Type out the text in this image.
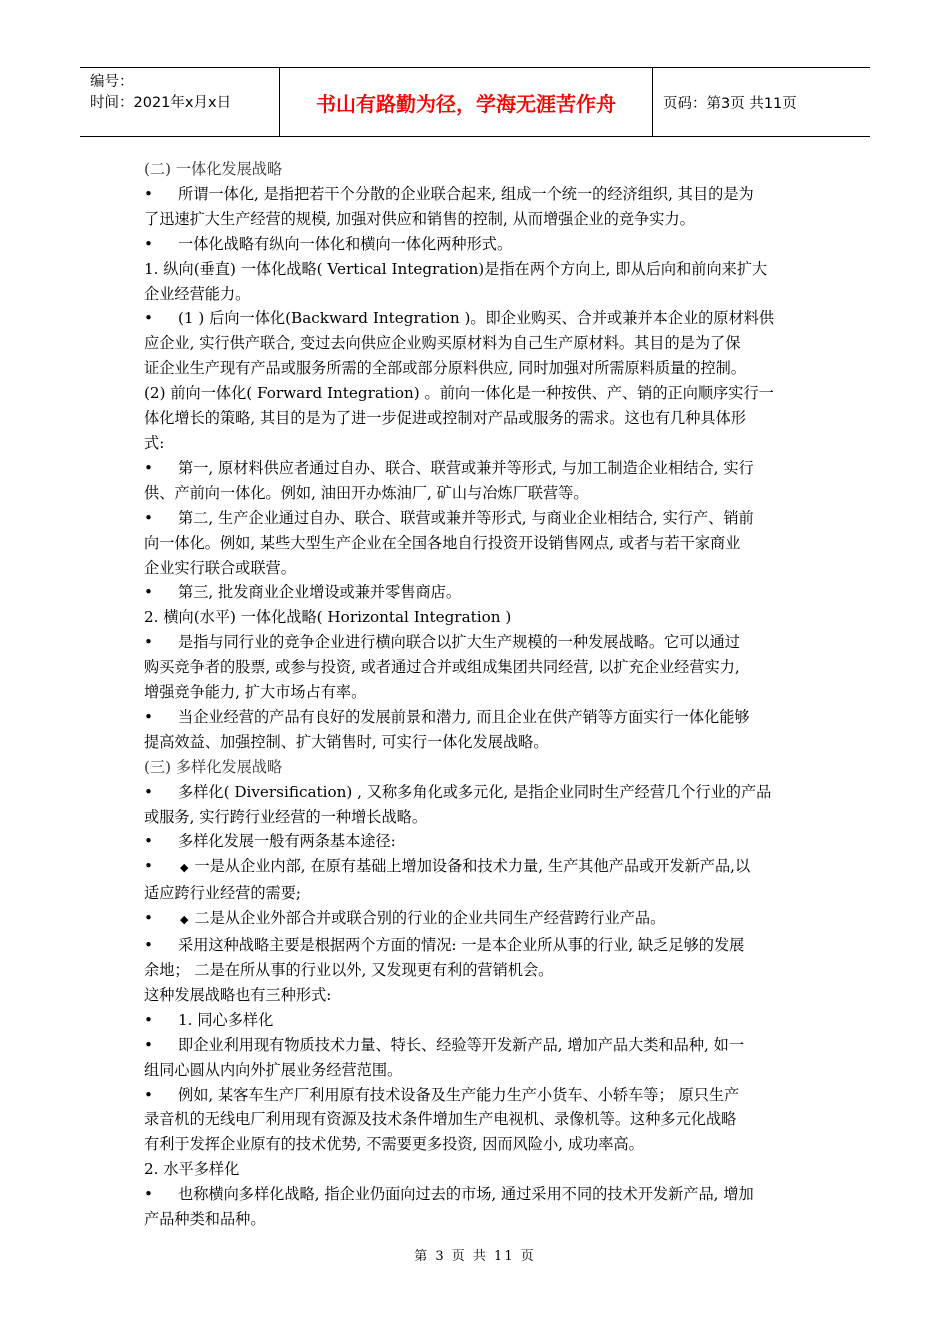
编号：
时间：2021年x月x日	书山有路勤为径，学海无涯苦作舟	页码：第3页 共11页
(二) 一体化发展战略
• 所谓一体化, 是指把若干个分散的企业联合起来, 组成一个统一的经济组织, 其目的是为
了迅速扩大生产经营的规模, 加强对供应和销售的控制, 从而增强企业的竞争实力。
• 一体化战略有纵向一体化和横向一体化两种形式。
1. 纵向(垂直) 一体化战略( Vertical Integration)是指在两个方向上, 即从后向和前向来扩大
企业经营能力。
• (1 ) 后向一体化(Backward Integration )。即企业购买、合并或兼并本企业的原材料供
应企业, 实行供产联合, 变过去向供应企业购买原材料为自己生产原材料。其目的是为了保
证企业生产现有产品或服务所需的全部或部分原料供应, 同时加强对所需原料质量的控制。
(2) 前向一体化( Forward Integration) 。前向一体化是一种按供、产、销的正向顺序实行一
体化增长的策略, 其目的是为了进一步促进或控制对产品或服务的需求。这也有几种具体形
式:
• 第一, 原材料供应者通过自办、联合、联营或兼并等形式, 与加工制造企业相结合, 实行
供、产前向一体化。例如, 油田开办炼油厂, 矿山与冶炼厂联营等。
• 第二, 生产企业通过自办、联合、联营或兼并等形式, 与商业企业相结合, 实行产、销前
向一体化。例如, 某些大型生产企业在全国各地自行投资开设销售网点, 或者与若干家商业
企业实行联合或联营。
• 第三, 批发商业企业增设或兼并零售商店。
2. 横向(水平) 一体化战略( Horizontal Integration )
• 是指与同行业的竞争企业进行横向联合以扩大生产规模的一种发展战略。它可以通过
购买竞争者的股票, 或参与投资, 或者通过合并或组成集团共同经营, 以扩充企业经营实力,
增强竞争能力, 扩大市场占有率。
• 当企业经营的产品有良好的发展前景和潜力, 而且企业在供产销等方面实行一体化能够
提高效益、加强控制、扩大销售时, 可实行一体化发展战略。
(三) 多样化发展战略
• 多样化( Diversification) , 又称多角化或多元化, 是指企业同时生产经营几个行业的产品
或服务, 实行跨行业经营的一种增长战略。
• 多样化发展一般有两条基本途径:
• ◆ 一是从企业内部, 在原有基础上增加设备和技术力量, 生产其他产品或开发新产品,以
适应跨行业经营的需要;
• ◆ 二是从企业外部合并或联合别的行业的企业共同生产经营跨行业产品。
• 采用这种战略主要是根据两个方面的情况: 一是本企业所从事的行业, 缺乏足够的发展
余地； 二是在所从事的行业以外, 又发现更有利的营销机会。
这种发展战略也有三种形式:
• 1. 同心多样化
• 即企业利用现有物质技术力量、特长、经验等开发新产品, 增加产品大类和品种, 如一
组同心圆从内向外扩展业务经营范围。
• 例如, 某客车生产厂利用原有技术设备及生产能力生产小货车、小轿车等； 原只生产
录音机的无线电厂利用现有资源及技术条件增加生产电视机、录像机等。这种多元化战略
有利于发挥企业原有的技术优势, 不需要更多投资, 因而风险小, 成功率高。
2. 水平多样化
• 也称横向多样化战略, 指企业仍面向过去的市场, 通过采用不同的技术开发新产品, 增加
产品种类和品种。
第 3 页 共 11 页
